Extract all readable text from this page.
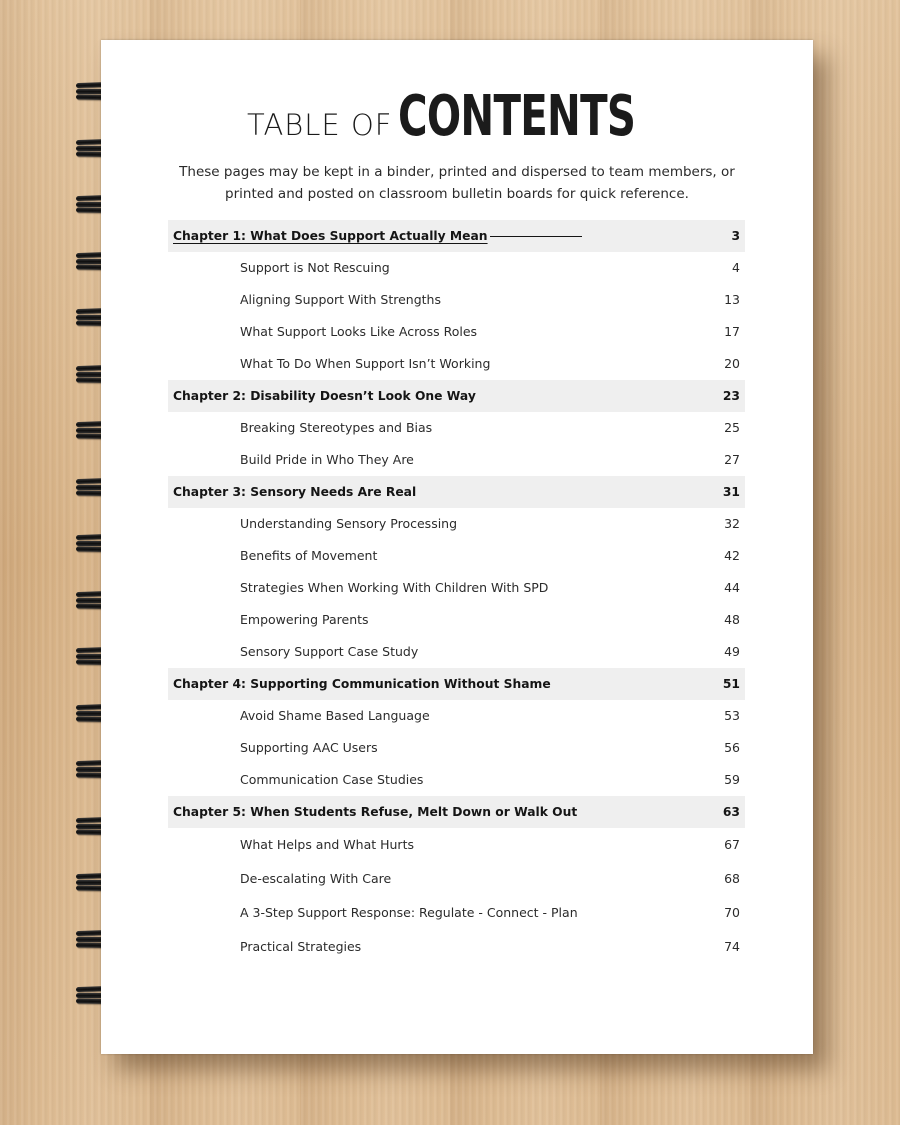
TABLE OF CONTENTS
These pages may be kept in a binder, printed and dispersed to team members, or
printed and posted on classroom bulletin boards for quick reference.
Chapter 1: What Does Support Actually Mean	3
Support is Not Rescuing	4
Aligning Support With Strengths	13
What Support Looks Like Across Roles	17
What To Do When Support Isn’t Working	20
Chapter 2: Disability Doesn’t Look One Way	23
Breaking Stereotypes and Bias	25
Build Pride in Who They Are	27
Chapter 3: Sensory Needs Are Real	31
Understanding Sensory Processing	32
Benefits of Movement	42
Strategies When Working With Children With SPD	44
Empowering Parents	48
Sensory Support Case Study	49
Chapter 4: Supporting Communication Without Shame	51
Avoid Shame Based Language	53
Supporting AAC Users	56
Communication Case Studies	59
Chapter 5: When Students Refuse, Melt Down or Walk Out	63
What Helps and What Hurts	67
De-escalating With Care	68
A 3-Step Support Response: Regulate - Connect - Plan	70
Practical Strategies	74
